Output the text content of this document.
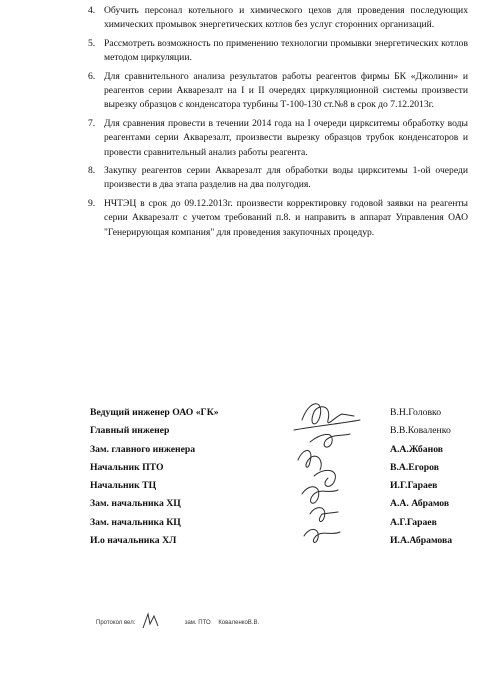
4. Обучить персонал котельного и химического цехов для проведения последующих химических промывок энергетических котлов без услуг сторонних организаций.
5. Рассмотреть возможность по применению технологии промывки энергетических котлов методом циркуляции.
6. Для сравнительного анализа результатов работы реагентов фирмы БК «Джолини» и реагентов серии Акварезалт на I и II очередях циркуляционной системы произвести вырезку образцов с конденсатора турбины Т-100-130 ст.№8 в срок до 7.12.2013г.
7. Для сравнения провести в течении 2014 года на I очереди циркситемы обработку воды реагентами серии Акварезалт, произвести вырезку образцов трубок конденсаторов и провести сравнительный анализ работы реагента.
8. Закупку реагентов серии Акварезалт для обработки воды циркситемы 1-ой очереди произвести в два этапа разделив на два полугодия.
9. НЧТЭЦ в срок до 09.12.2013г. произвести корректировку годовой заявки на реагенты серии Акварезалт с учетом требований п.8. и направить в аппарат Управления ОАО "Генерирующая компания" для проведения закупочных процедур.
Ведущий инженер ОАО «ГК»	В.Н.Головко
Главный инженер	В.В.Коваленко
Зам. главного инженера	А.А.Жбанов
Начальник ПТО	В.А.Егоров
Начальник ТЦ	И.Г.Гараев
Зам. начальника ХЦ	А.А. Абрамов
Зам. начальника КЦ	А.Г.Гараев
И.о начальника ХЛ	И.А.Абрамова
Протокол вел:	зам. ПТО КоваленкоВ.В.
